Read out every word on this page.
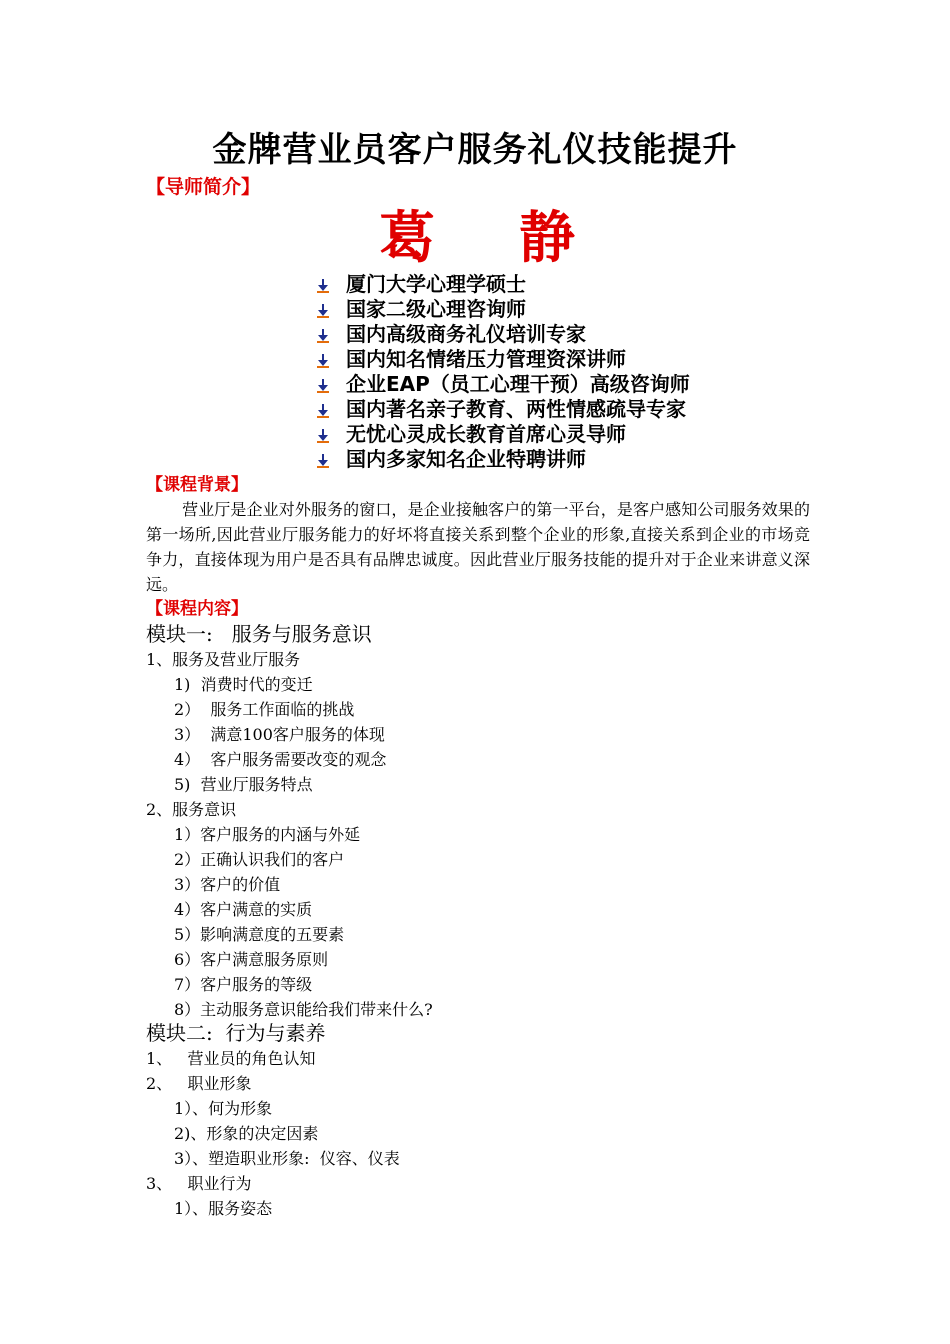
金牌营业员客户服务礼仪技能提升
【导师简介】
葛 静
厦门大学心理学硕士
国家二级心理咨询师
国内高级商务礼仪培训专家
国内知名情绪压力管理资深讲师
企业EAP（员工心理干预）高级咨询师
国内著名亲子教育、两性情感疏导专家
无忧心灵成长教育首席心灵导师
国内多家知名企业特聘讲师
【课程背景】
营业厅是企业对外服务的窗口，是企业接触客户的第一平台，是客户感知公司服务效果的第一场所,因此营业厅服务能力的好坏将直接关系到整个企业的形象,直接关系到企业的市场竞争力，直接体现为用户是否具有品牌忠诚度。因此营业厅服务技能的提升对于企业来讲意义深远。
【课程内容】
模块一:   服务与服务意识
1、服务及营业厅服务
1)  消费时代的变迁
2）  服务工作面临的挑战
3）  满意100客户服务的体现
4）  客户服务需要改变的观念
5)  营业厅服务特点
2、服务意识
1）客户服务的内涵与外延
2）正确认识我们的客户
3）客户的价值
4）客户满意的实质
5）影响满意度的五要素
6）客户满意服务原则
7）客户服务的等级
8）主动服务意识能给我们带来什么?
模块二:  行为与素养
1、   营业员的角色认知
2、   职业形象
1）、何为形象
2)、形象的决定因素
3）、塑造职业形象:  仪容、仪表
3、   职业行为
1）、服务姿态
